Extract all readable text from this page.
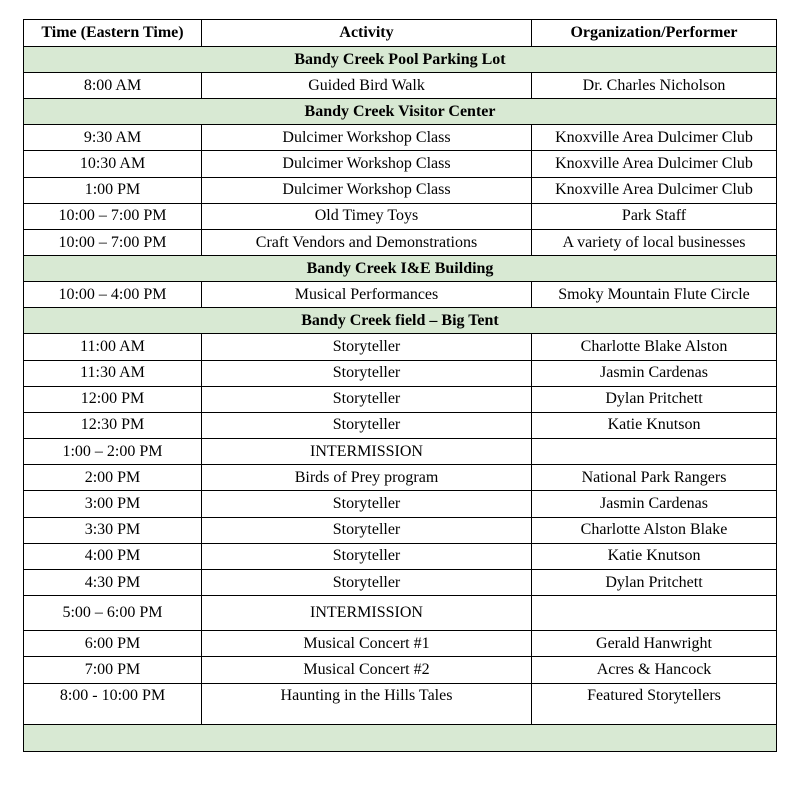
Time (Eastern Time)	Activity	Organization/Performer
Bandy Creek Pool Parking Lot		
8:00 AM	Guided Bird Walk	Dr. Charles Nicholson
Bandy Creek Visitor Center		
9:30 AM	Dulcimer Workshop Class	Knoxville Area Dulcimer Club
10:30 AM	Dulcimer Workshop Class	Knoxville Area Dulcimer Club
1:00 PM	Dulcimer Workshop Class	Knoxville Area Dulcimer Club
10:00 – 7:00 PM	Old Timey Toys	Park Staff
10:00 – 7:00 PM	Craft Vendors and Demonstrations	A variety of local businesses
Bandy Creek I&E Building		
10:00 – 4:00 PM	Musical Performances	Smoky Mountain Flute Circle
Bandy Creek field – Big Tent		
11:00 AM	Storyteller	Charlotte Blake Alston
11:30 AM	Storyteller	Jasmin Cardenas
12:00 PM	Storyteller	Dylan Pritchett
12:30 PM	Storyteller	Katie Knutson
1:00 – 2:00 PM	INTERMISSION	
2:00 PM	Birds of Prey program	National Park Rangers
3:00 PM	Storyteller	Jasmin Cardenas
3:30 PM	Storyteller	Charlotte Alston Blake
4:00 PM	Storyteller	Katie Knutson
4:30 PM	Storyteller	Dylan Pritchett
5:00 – 6:00 PM	INTERMISSION	
6:00 PM	Musical Concert #1	Gerald Hanwright
7:00 PM	Musical Concert #2	Acres & Hancock
8:00 - 10:00 PM	Haunting in the Hills Tales	Featured Storytellers
